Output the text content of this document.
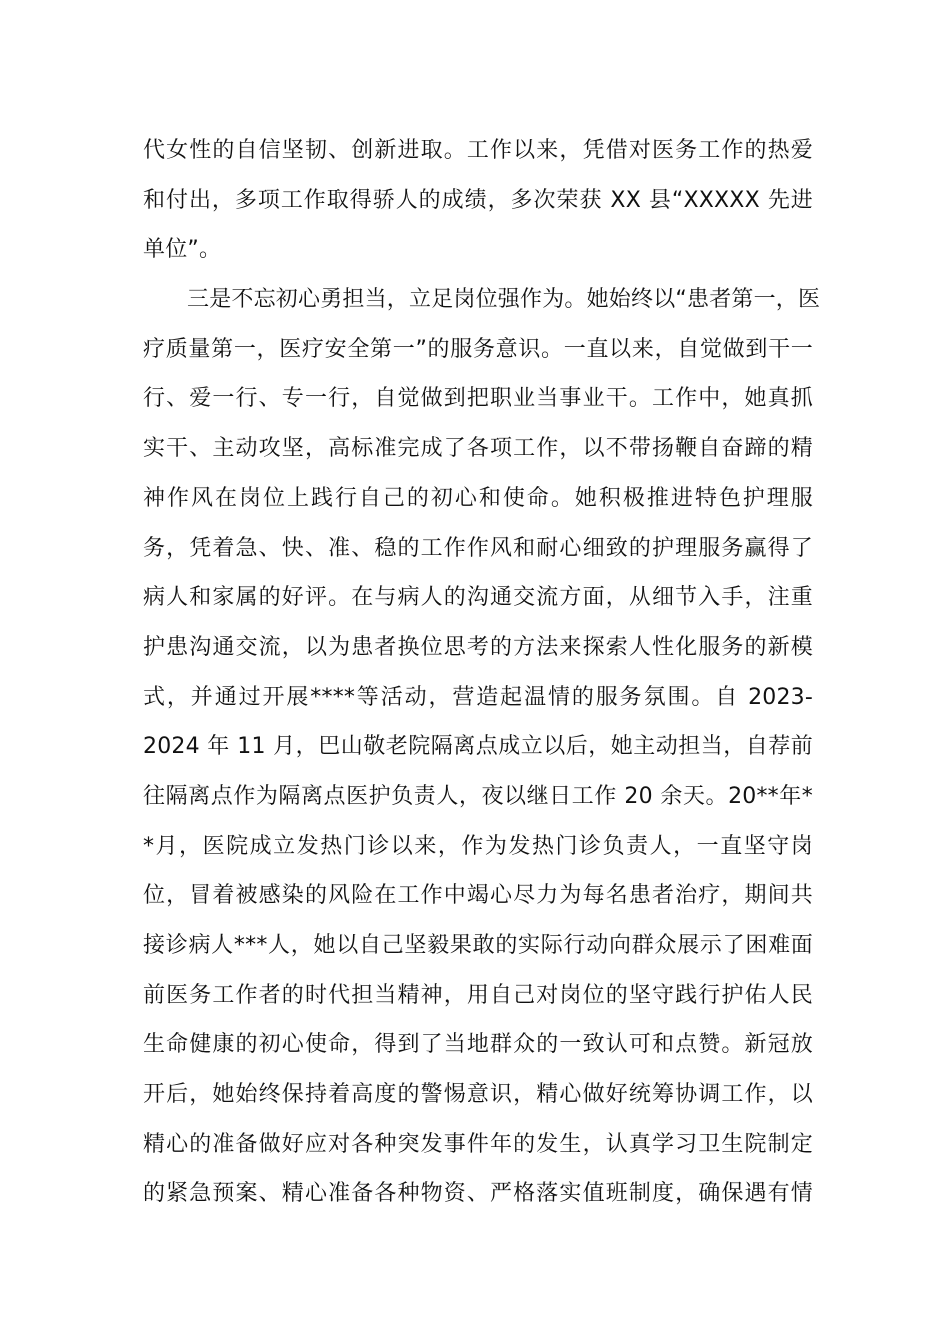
代女性的自信坚韧、创新进取。工作以来，凭借对医务工作的热爱
和付出，多项工作取得骄人的成绩，多次荣获 XX 县“XXXXX 先进
单位”。
三是不忘初心勇担当，立足岗位强作为。她始终以“患者第一，医
疗质量第一，医疗安全第一”的服务意识。一直以来，自觉做到干一
行、爱一行、专一行，自觉做到把职业当事业干。工作中，她真抓
实干、主动攻坚，高标准完成了各项工作，以不带扬鞭自奋蹄的精
神作风在岗位上践行自己的初心和使命。她积极推进特色护理服
务，凭着急、快、准、稳的工作作风和耐心细致的护理服务赢得了
病人和家属的好评。在与病人的沟通交流方面，从细节入手，注重
护患沟通交流，以为患者换位思考的方法来探索人性化服务的新模
式，并通过开展****等活动，营造起温情的服务氛围。自 2023-
2024 年 11 月，巴山敬老院隔离点成立以后，她主动担当，自荐前
往隔离点作为隔离点医护负责人，夜以继日工作 20 余天。20**年*
*月，医院成立发热门诊以来，作为发热门诊负责人，一直坚守岗
位，冒着被感染的风险在工作中竭心尽力为每名患者治疗，期间共
接诊病人***人，她以自己坚毅果敢的实际行动向群众展示了困难面
前医务工作者的时代担当精神，用自己对岗位的坚守践行护佑人民
生命健康的初心使命，得到了当地群众的一致认可和点赞。新冠放
开后，她始终保持着高度的警惕意识，精心做好统筹协调工作，以
精心的准备做好应对各种突发事件年的发生，认真学习卫生院制定
的紧急预案、精心准备各种物资、严格落实值班制度，确保遇有情
